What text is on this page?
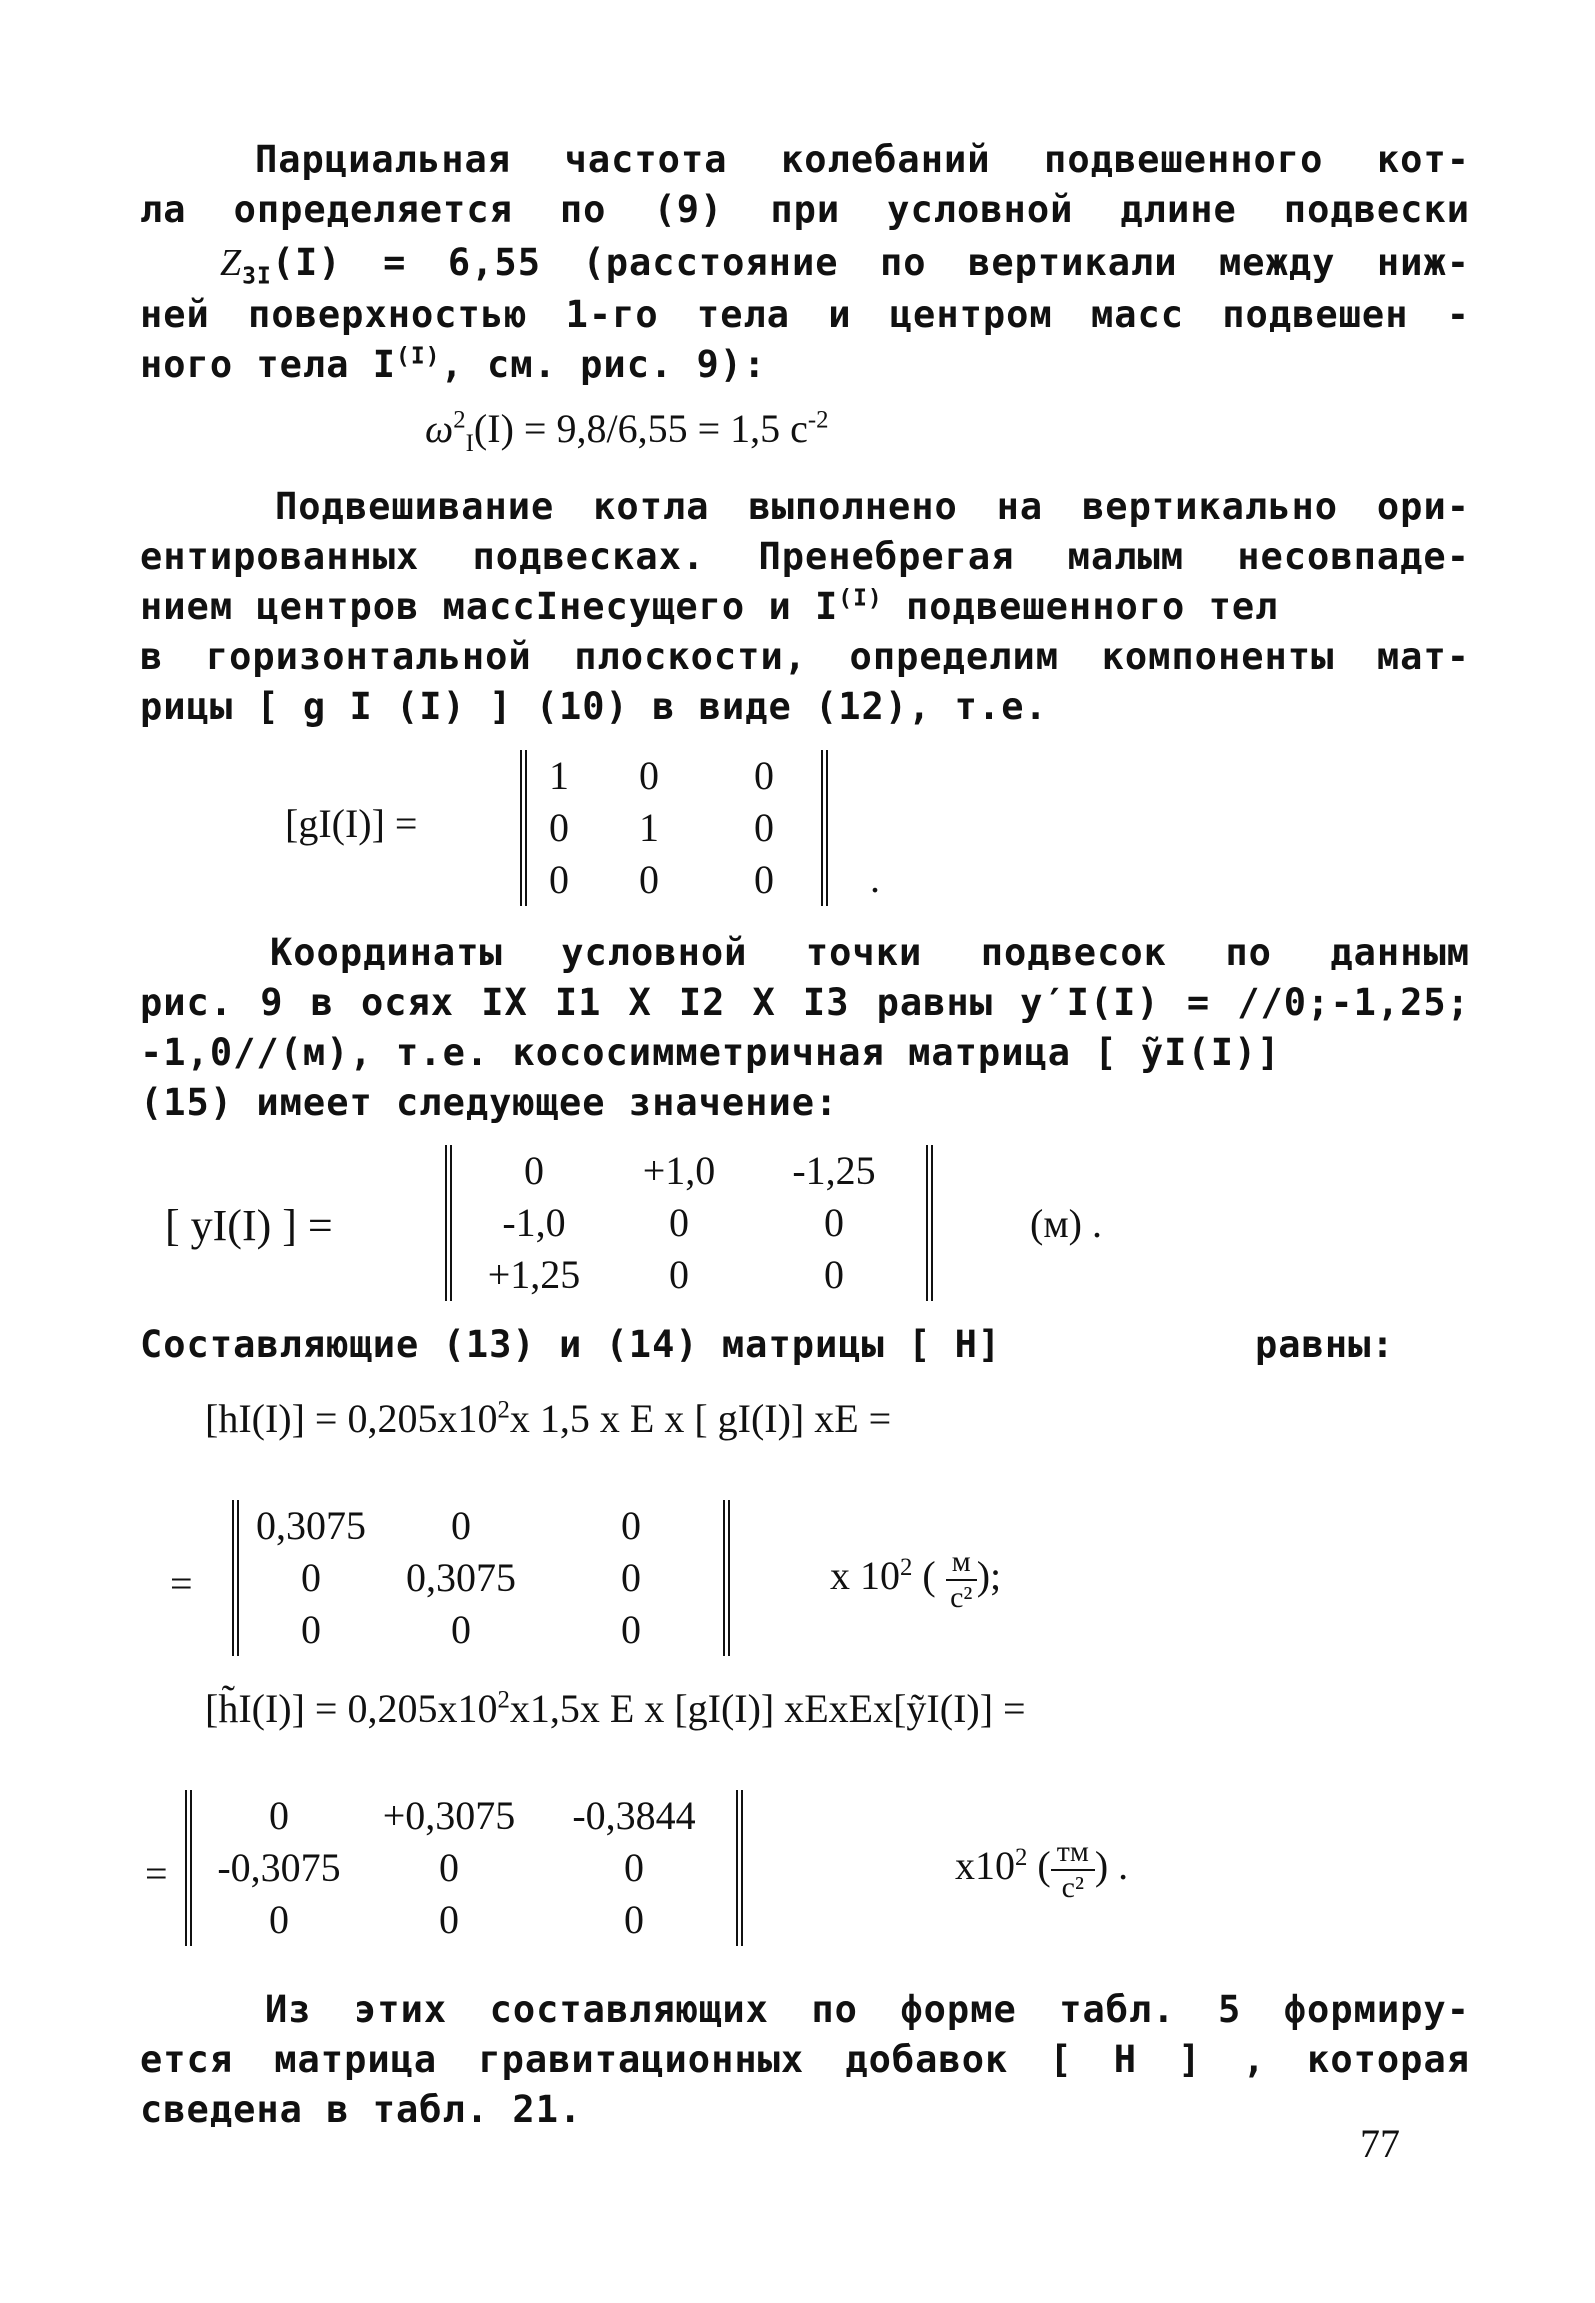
Парциальная частота колебаний подвешенного кот-
ла определяется по (9) при условной длине подвески
$Z_{3I}(I) = 6,55$ (расстояние по вертикали между ниж-
ней поверхностью 1-го тела и центром масс подвешен -
ного тела $I^{(I)}$, см. рис. 9):
$\omega^2_I(I) = 9,8/6,55 = 1,5$ $с^{-2}$
Подвешивание котла выполнено на вертикально ори-
ентированных подвесках. Пренебрегая малым несовпаде-
нием центров массIнесущего и $I^{(I)}$ подвешенного тел
в горизонтальной плоскости, определим компоненты мат-
рицы [ g I (I) ] (10) в виде (12), т.е.
[gI(I)] =
1	0	0
0	1	0
0	0	0	.
Координаты условной точки подвесок по данным
рис. 9 в осях IX I1 X I2 X I3 равны y′I(I) = //0;-1,25;
-1,0//(м), т.е. кососимметричная матрица [ ỹI(I)]
(15) имеет следующее значение:
[ yI(I) ] =
0	+1,0	-1,25
-1,0	0	0
+1,25	0	0
(м) .
Составляющие (13) и (14) матрицы [ H]	равны:
$[hI(I)] = 0,205x10^2x$ 1,5 x E x [ gI(I)] xE =
=
0,3075	0	0
0	0,3075	0
0	0	0
x $10^2$ ( $\frac{м}{\text{с²}}$ );
[h̃I(I)] = $0,205x10^2x1,5x$ E x [gI(I)] xExEx[ỹI(I)] =
=
0	+0,3075	-0,3844
-0,3075	0	0
0	0	0
$x10^2$ ( $\frac{тм}{\text{с²}}$ ) .
Из этих составляющих по форме табл. 5 формиру-
ется матрица гравитационных добавок [ H ] , которая
сведена в табл. 21.
77
